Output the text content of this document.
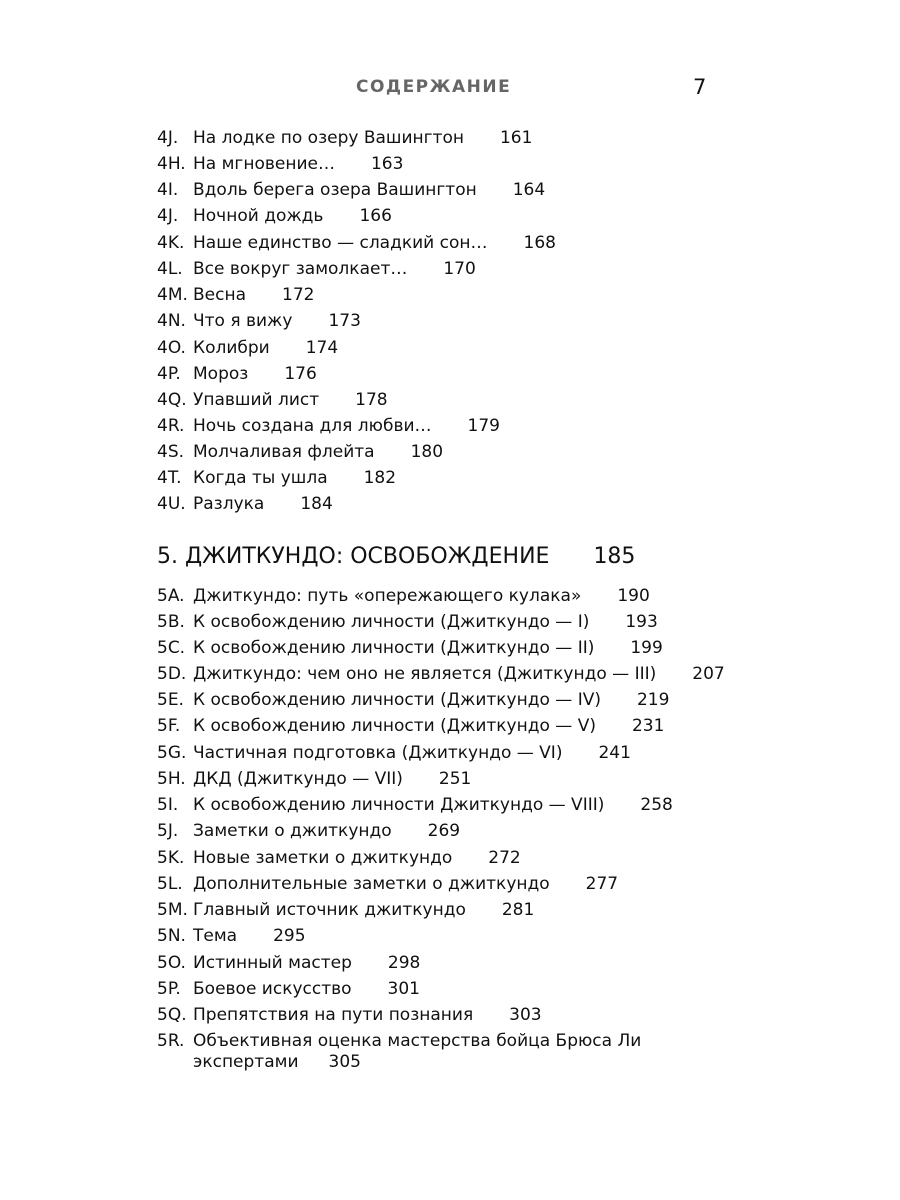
СОДЕРЖАНИЕ	7
4J. На лодке по озеру Вашингтон 161
4H. На мгновение… 163
4I. Вдоль берега озера Вашингтон 164
4J. Ночной дождь 166
4K. Наше единство — сладкий сон… 168
4L. Все вокруг замолкает… 170
4M. Весна 172
4N. Что я вижу 173
4O. Колибри 174
4P. Мороз 176
4Q. Упавший лист 178
4R. Ночь создана для любви… 179
4S. Молчаливая флейта 180
4T. Когда ты ушла 182
4U. Разлука 184
5. ДЖИТКУНДО: ОСВОБОЖДЕНИЕ 185
5A. Джиткундо: путь «опережающего кулака» 190
5B. К освобождению личности (Джиткундо — I) 193
5C. К освобождению личности (Джиткундо — II) 199
5D. Джиткундо: чем оно не является (Джиткундо — III) 207
5E. К освобождению личности (Джиткундо — IV) 219
5F. К освобождению личности (Джиткундо — V) 231
5G. Частичная подготовка (Джиткундо — VI) 241
5H. ДКД (Джиткундо — VII) 251
5I. К освобождению личности Джиткундо — VIII) 258
5J. Заметки о джиткундо 269
5K. Новые заметки о джиткундо 272
5L. Дополнительные заметки о джиткундо 277
5M. Главный источник джиткундо 281
5N. Тема 295
5O. Истинный мастер 298
5P. Боевое искусство 301
5Q. Препятствия на пути познания 303
5R. Объективная оценка мастерства бойца Брюса Ли
экспертами 305
